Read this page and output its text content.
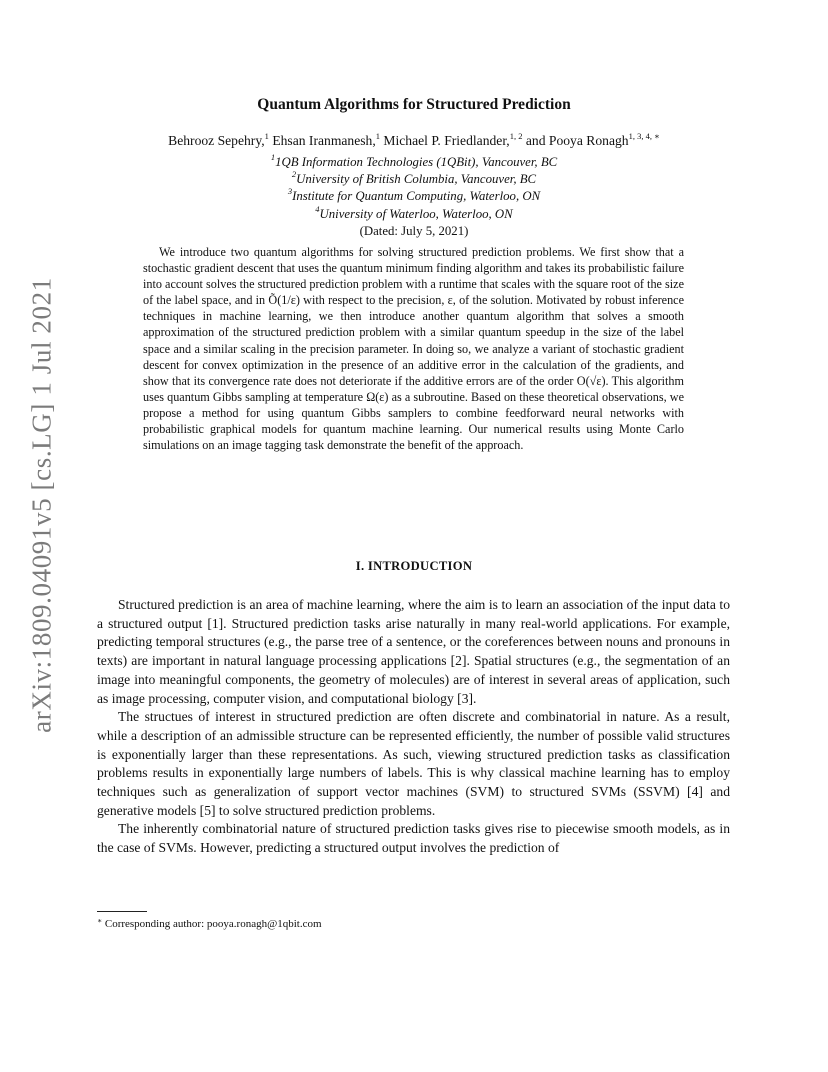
arXiv:1809.04091v5 [cs.LG] 1 Jul 2021
Quantum Algorithms for Structured Prediction
Behrooz Sepehry,$^1$ Ehsan Iranmanesh,$^1$ Michael P. Friedlander,$^{1, 2}$ and Pooya Ronagh$^{1, 3, 4, ∗}$
$^1$1QB Information Technologies (1QBit), Vancouver, BC
$^2$University of British Columbia, Vancouver, BC
$^3$Institute for Quantum Computing, Waterloo, ON
$^4$University of Waterloo, Waterloo, ON
(Dated: July 5, 2021)
We introduce two quantum algorithms for solving structured prediction problems. We first show that a stochastic gradient descent that uses the quantum minimum finding algorithm and takes its probabilistic failure into account solves the structured prediction problem with a runtime that scales with the square root of the size of the label space, and in Õ(1/ε) with respect to the precision, ε, of the solution. Motivated by robust inference techniques in machine learning, we then introduce another quantum algorithm that solves a smooth approximation of the structured prediction problem with a similar quantum speedup in the size of the label space and a similar scaling in the precision parameter. In doing so, we analyze a variant of stochastic gradient descent for convex optimization in the presence of an additive error in the calculation of the gradients, and show that its convergence rate does not deteriorate if the additive errors are of the order O(√ε). This algorithm uses quantum Gibbs sampling at temperature Ω(ε) as a subroutine. Based on these theoretical observations, we propose a method for using quantum Gibbs samplers to combine feedforward neural networks with probabilistic graphical models for quantum machine learning. Our numerical results using Monte Carlo simulations on an image tagging task demonstrate the benefit of the approach.
I. INTRODUCTION

Structured prediction is an area of machine learning, where the aim is to learn an association of the input data to a structured output [1]. Structured prediction tasks arise naturally in many real-world applications. For example, predicting temporal structures (e.g., the parse tree of a sentence, or the coreferences between nouns and pronouns in texts) are important in natural language processing applications [2]. Spatial structures (e.g., the segmentation of an image into meaningful components, the geometry of molecules) are of interest in several areas of application, such as image processing, computer vision, and computational biology [3].

The structues of interest in structured prediction are often discrete and combinatorial in nature. As a result, while a description of an admissible structure can be represented efficiently, the number of possible valid structures is exponentially larger than these representations. As such, viewing structured prediction tasks as classification problems results in exponentially large numbers of labels. This is why classical machine learning has to employ techniques such as generalization of support vector machines (SVM) to structured SVMs (SSVM) [4] and generative models [5] to solve structured prediction problems.

The inherently combinatorial nature of structured prediction tasks gives rise to piecewise smooth models, as in the case of SVMs. However, predicting a structured output involves the prediction of

∗ Corresponding author: pooya.ronagh@1qbit.com
